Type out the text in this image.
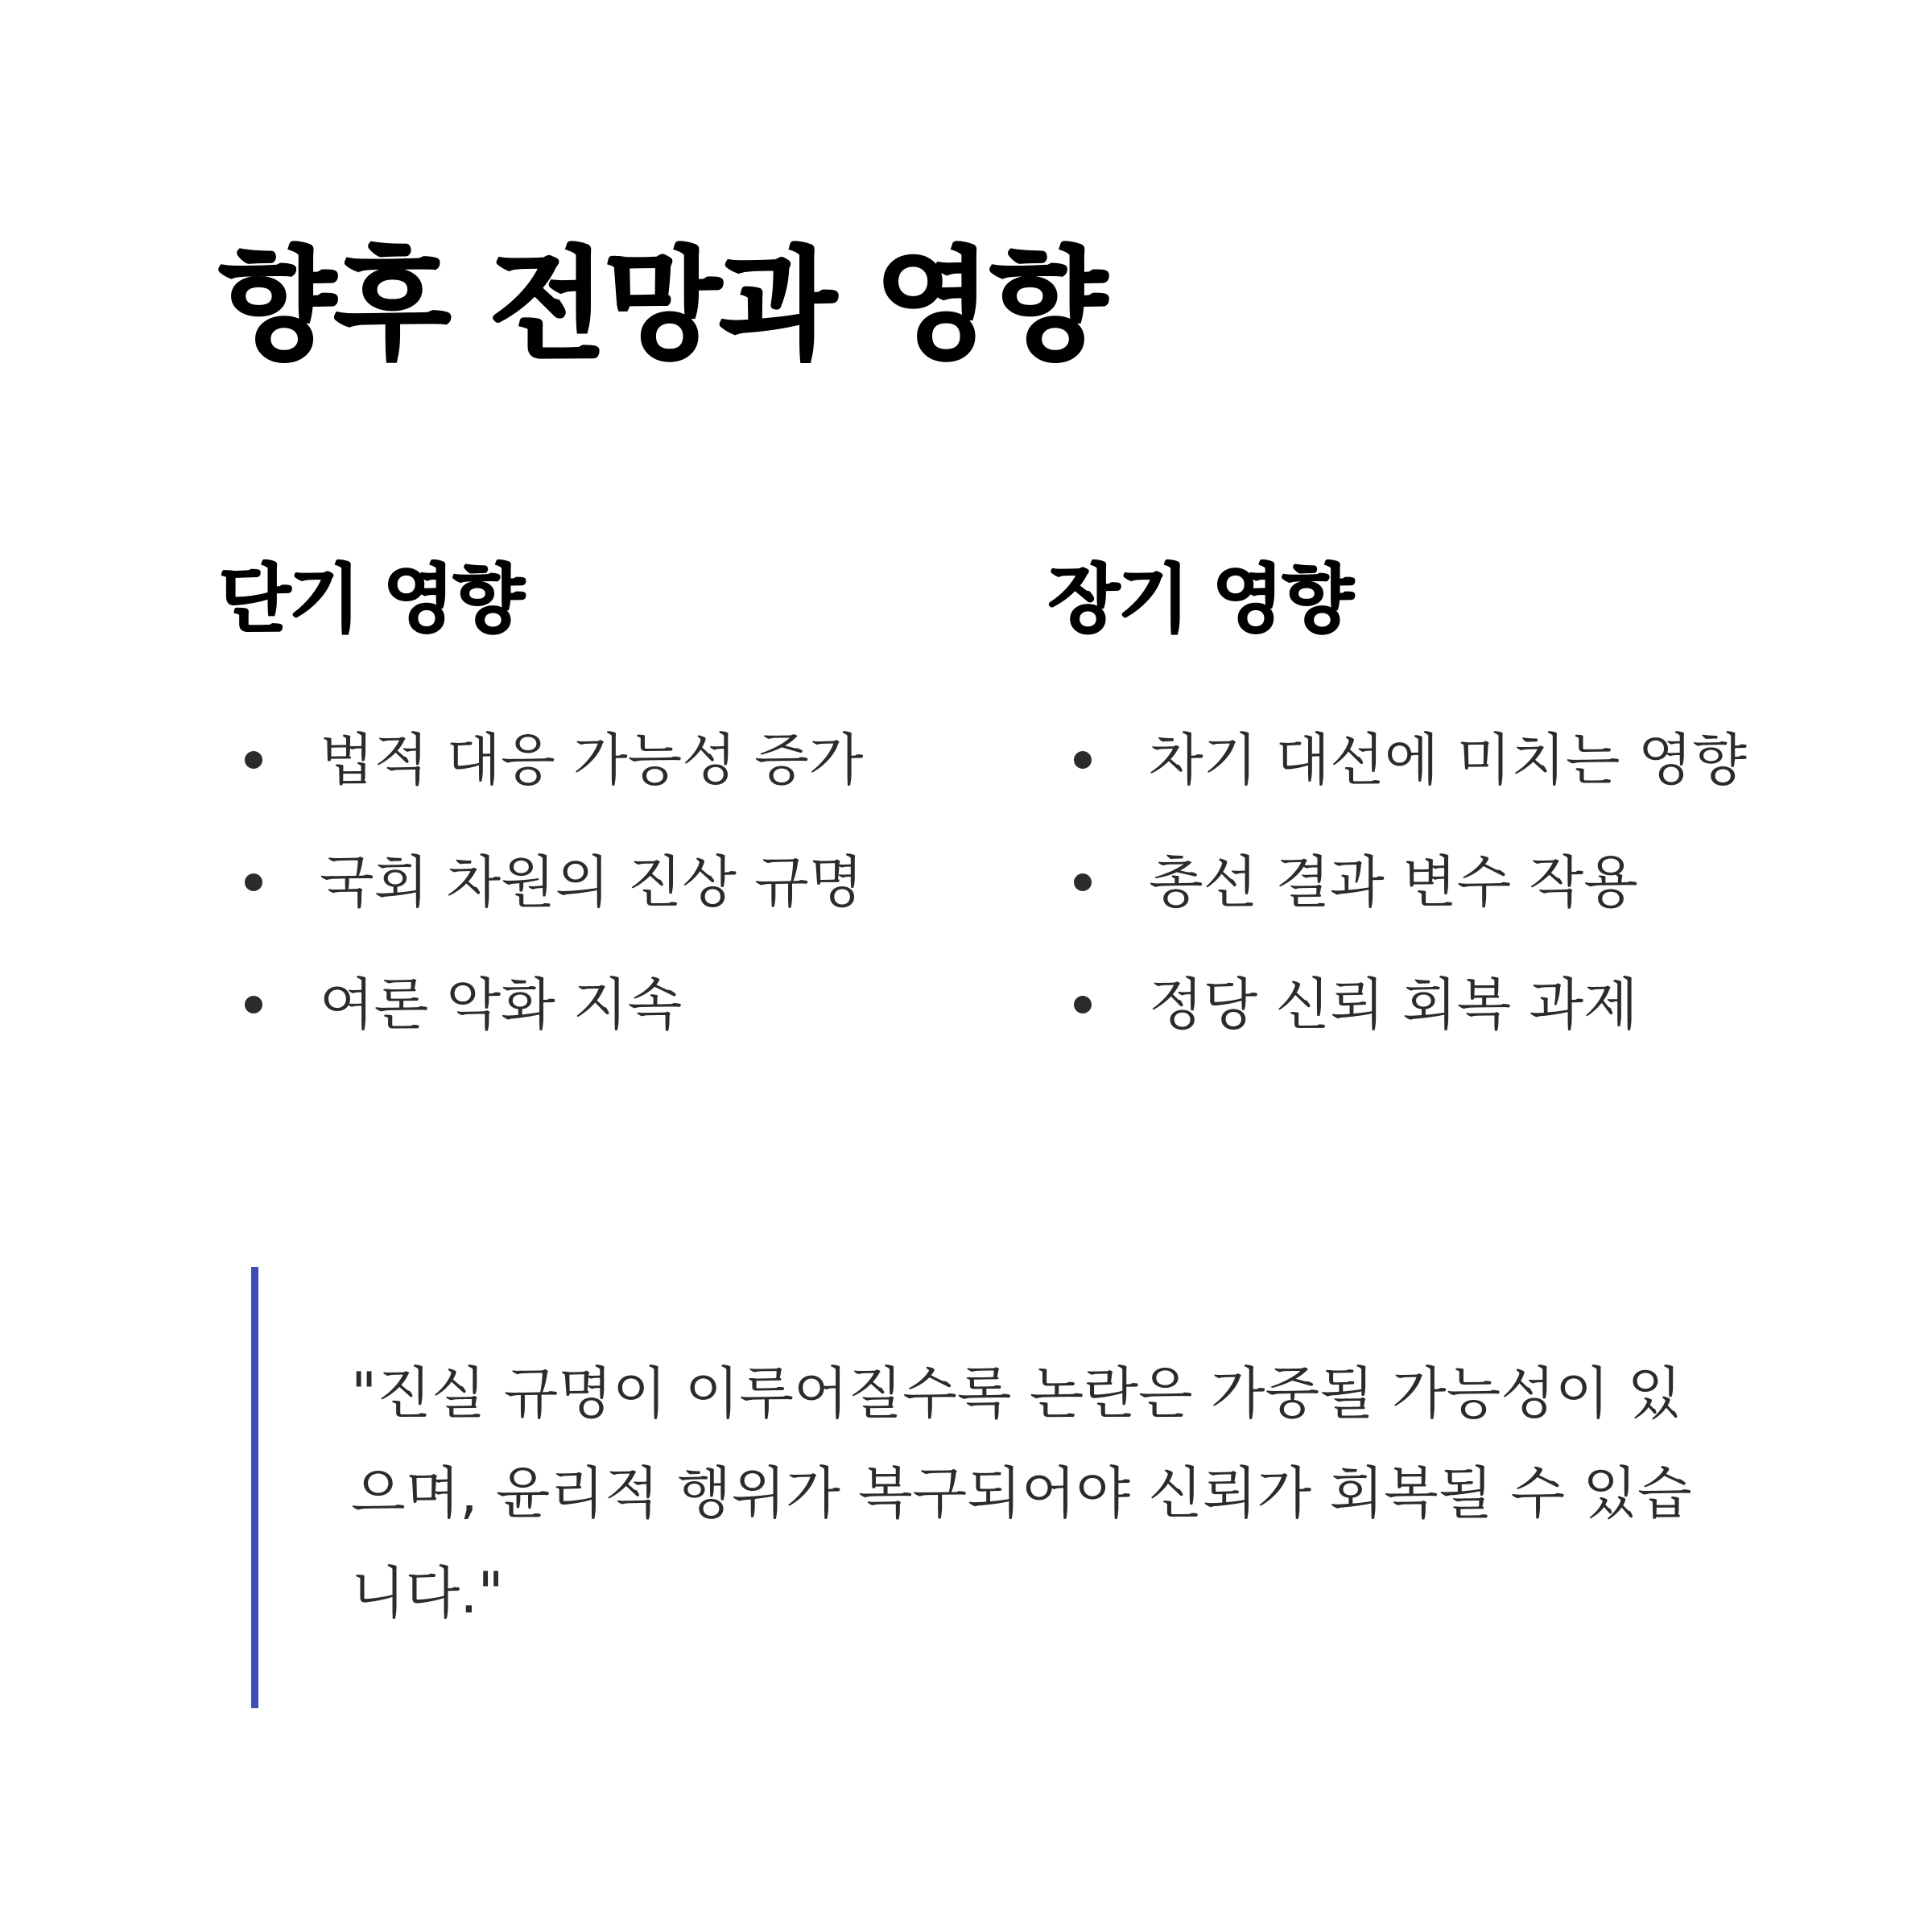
향후 전망과 영향
단기 영향
법적 대응 가능성 증가
국회 차원의 진상 규명
여론 악화 지속
장기 영향
차기 대선에 미치는 영향
총선 결과 변수 작용
정당 신뢰 회복 과제

"진실 규명이 이루어질수록 논란은 가중될 가능성이 있으며, 윤리적 행위가 복구되어야 신뢰가 회복될 수 있습니다."
